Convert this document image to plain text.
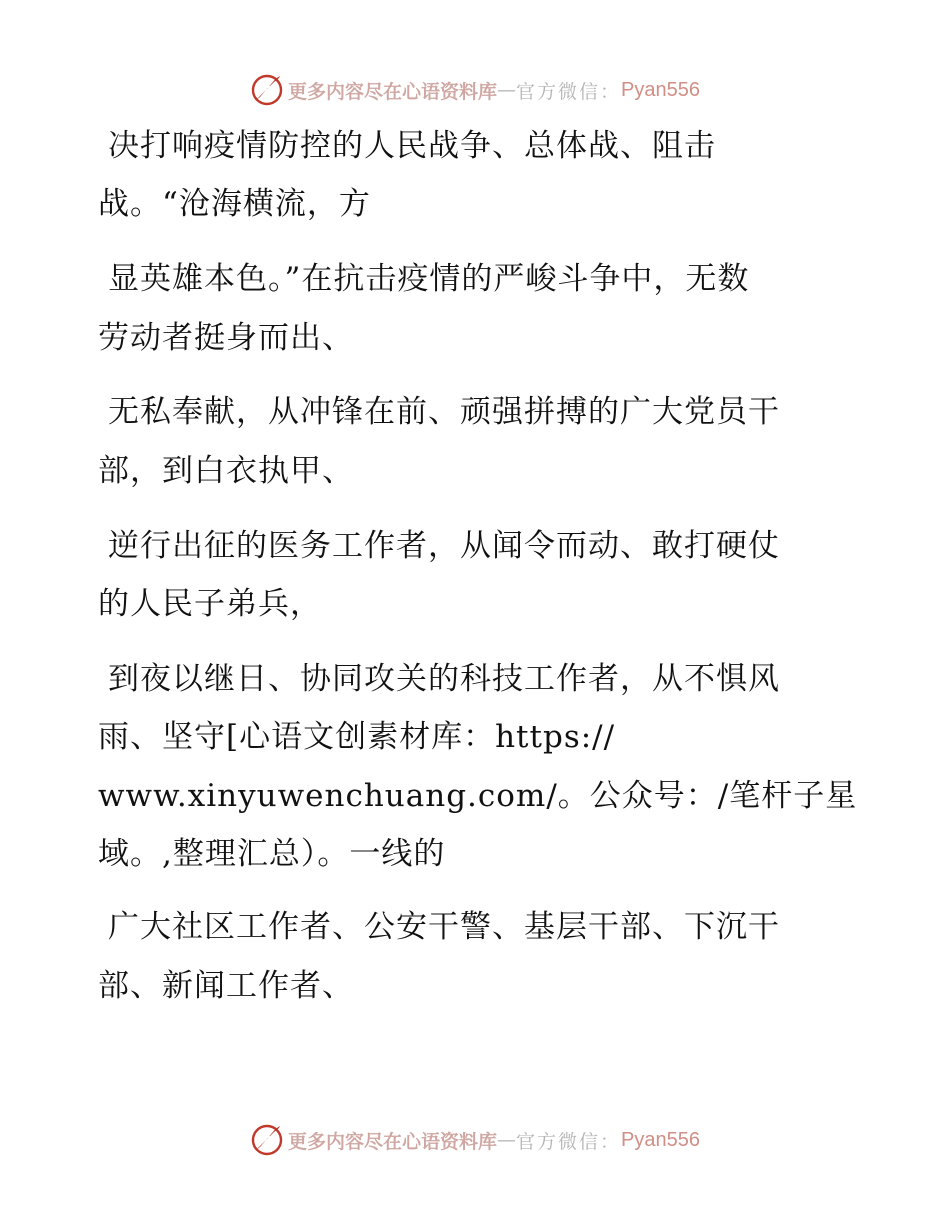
更多内容尽在心语资料库 — 官方微信： Pyan556
决打响疫情防控的人民战争、总体战、阻击
战。“沧海横流，方
显英雄本色。”在抗击疫情的严峻斗争中，无数
劳动者挺身而出、
无私奉献，从冲锋在前、顽强拼搏的广大党员干
部，到白衣执甲、
逆行出征的医务工作者，从闻令而动、敢打硬仗
的人民子弟兵，
到夜以继日、协同攻关的科技工作者，从不惧风
雨、坚守[心语文创素材库：https://
www.xinyuwenchuang.com/。公众号：/笔杆子星
域。,整理汇总）。一线的
广大社区工作者、公安干警、基层干部、下沉干
部、新闻工作者、
更多内容尽在心语资料库 — 官方微信： Pyan556
